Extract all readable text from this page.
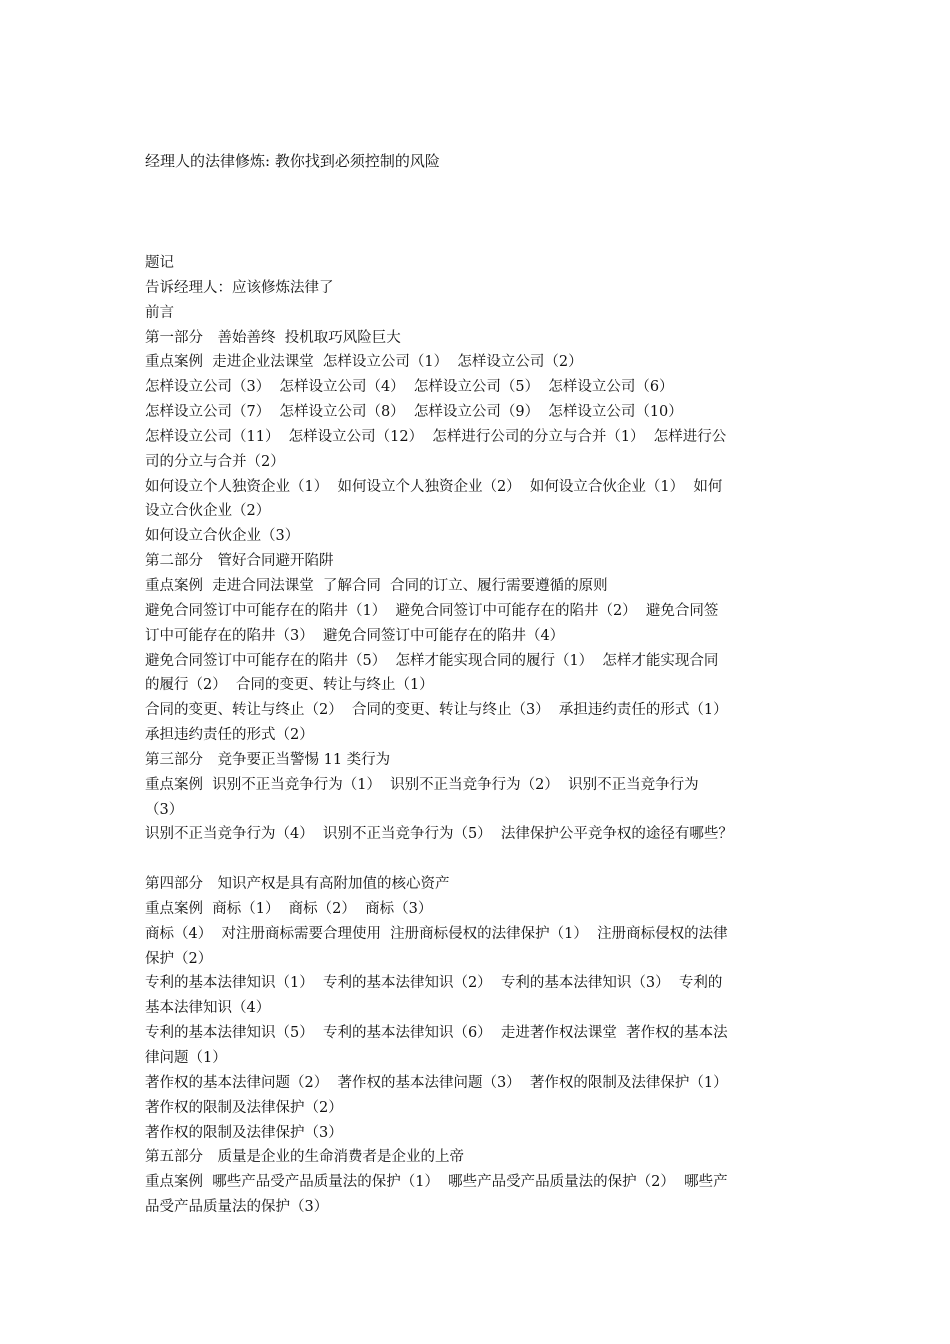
经理人的法律修炼: 教你找到必须控制的风险
题记
告诉经理人：应该修炼法律了
前言
第一部分　善始善终  投机取巧风险巨大
重点案例  走进企业法课堂  怎样设立公司（1）  怎样设立公司（2）
怎样设立公司（3）  怎样设立公司（4）  怎样设立公司（5）  怎样设立公司（6）
怎样设立公司（7）  怎样设立公司（8）  怎样设立公司（9）  怎样设立公司（10）
怎样设立公司（11）  怎样设立公司（12）  怎样进行公司的分立与合并（1）  怎样进行公
司的分立与合并（2）
如何设立个人独资企业（1）  如何设立个人独资企业（2）  如何设立合伙企业（1）  如何
设立合伙企业（2）
如何设立合伙企业（3）
第二部分　管好合同避开陷阱
重点案例  走进合同法课堂  了解合同  合同的订立、履行需要遵循的原则
避免合同签订中可能存在的陷井（1）  避免合同签订中可能存在的陷井（2）  避免合同签
订中可能存在的陷井（3）  避免合同签订中可能存在的陷井（4）
避免合同签订中可能存在的陷井（5）  怎样才能实现合同的履行（1）  怎样才能实现合同
的履行（2）  合同的变更、转让与终止（1）
合同的变更、转让与终止（2）  合同的变更、转让与终止（3）  承担违约责任的形式（1）
承担违约责任的形式（2）
第三部分　竞争要正当警惕 11 类行为
重点案例  识别不正当竞争行为（1）  识别不正当竞争行为（2）  识别不正当竞争行为
（3）
识别不正当竞争行为（4）  识别不正当竞争行为（5）  法律保护公平竞争权的途径有哪些？
第四部分　知识产权是具有高附加值的核心资产
重点案例  商标（1）  商标（2）  商标（3）
商标（4）  对注册商标需要合理使用  注册商标侵权的法律保护（1）  注册商标侵权的法律
保护（2）
专利的基本法律知识（1）  专利的基本法律知识（2）  专利的基本法律知识（3）  专利的
基本法律知识（4）
专利的基本法律知识（5）  专利的基本法律知识（6）  走进著作权法课堂  著作权的基本法
律问题（1）
著作权的基本法律问题（2）  著作权的基本法律问题（3）  著作权的限制及法律保护（1）
著作权的限制及法律保护（2）
著作权的限制及法律保护（3）
第五部分　质量是企业的生命消费者是企业的上帝
重点案例  哪些产品受产品质量法的保护（1）  哪些产品受产品质量法的保护（2）  哪些产
品受产品质量法的保护（3）
